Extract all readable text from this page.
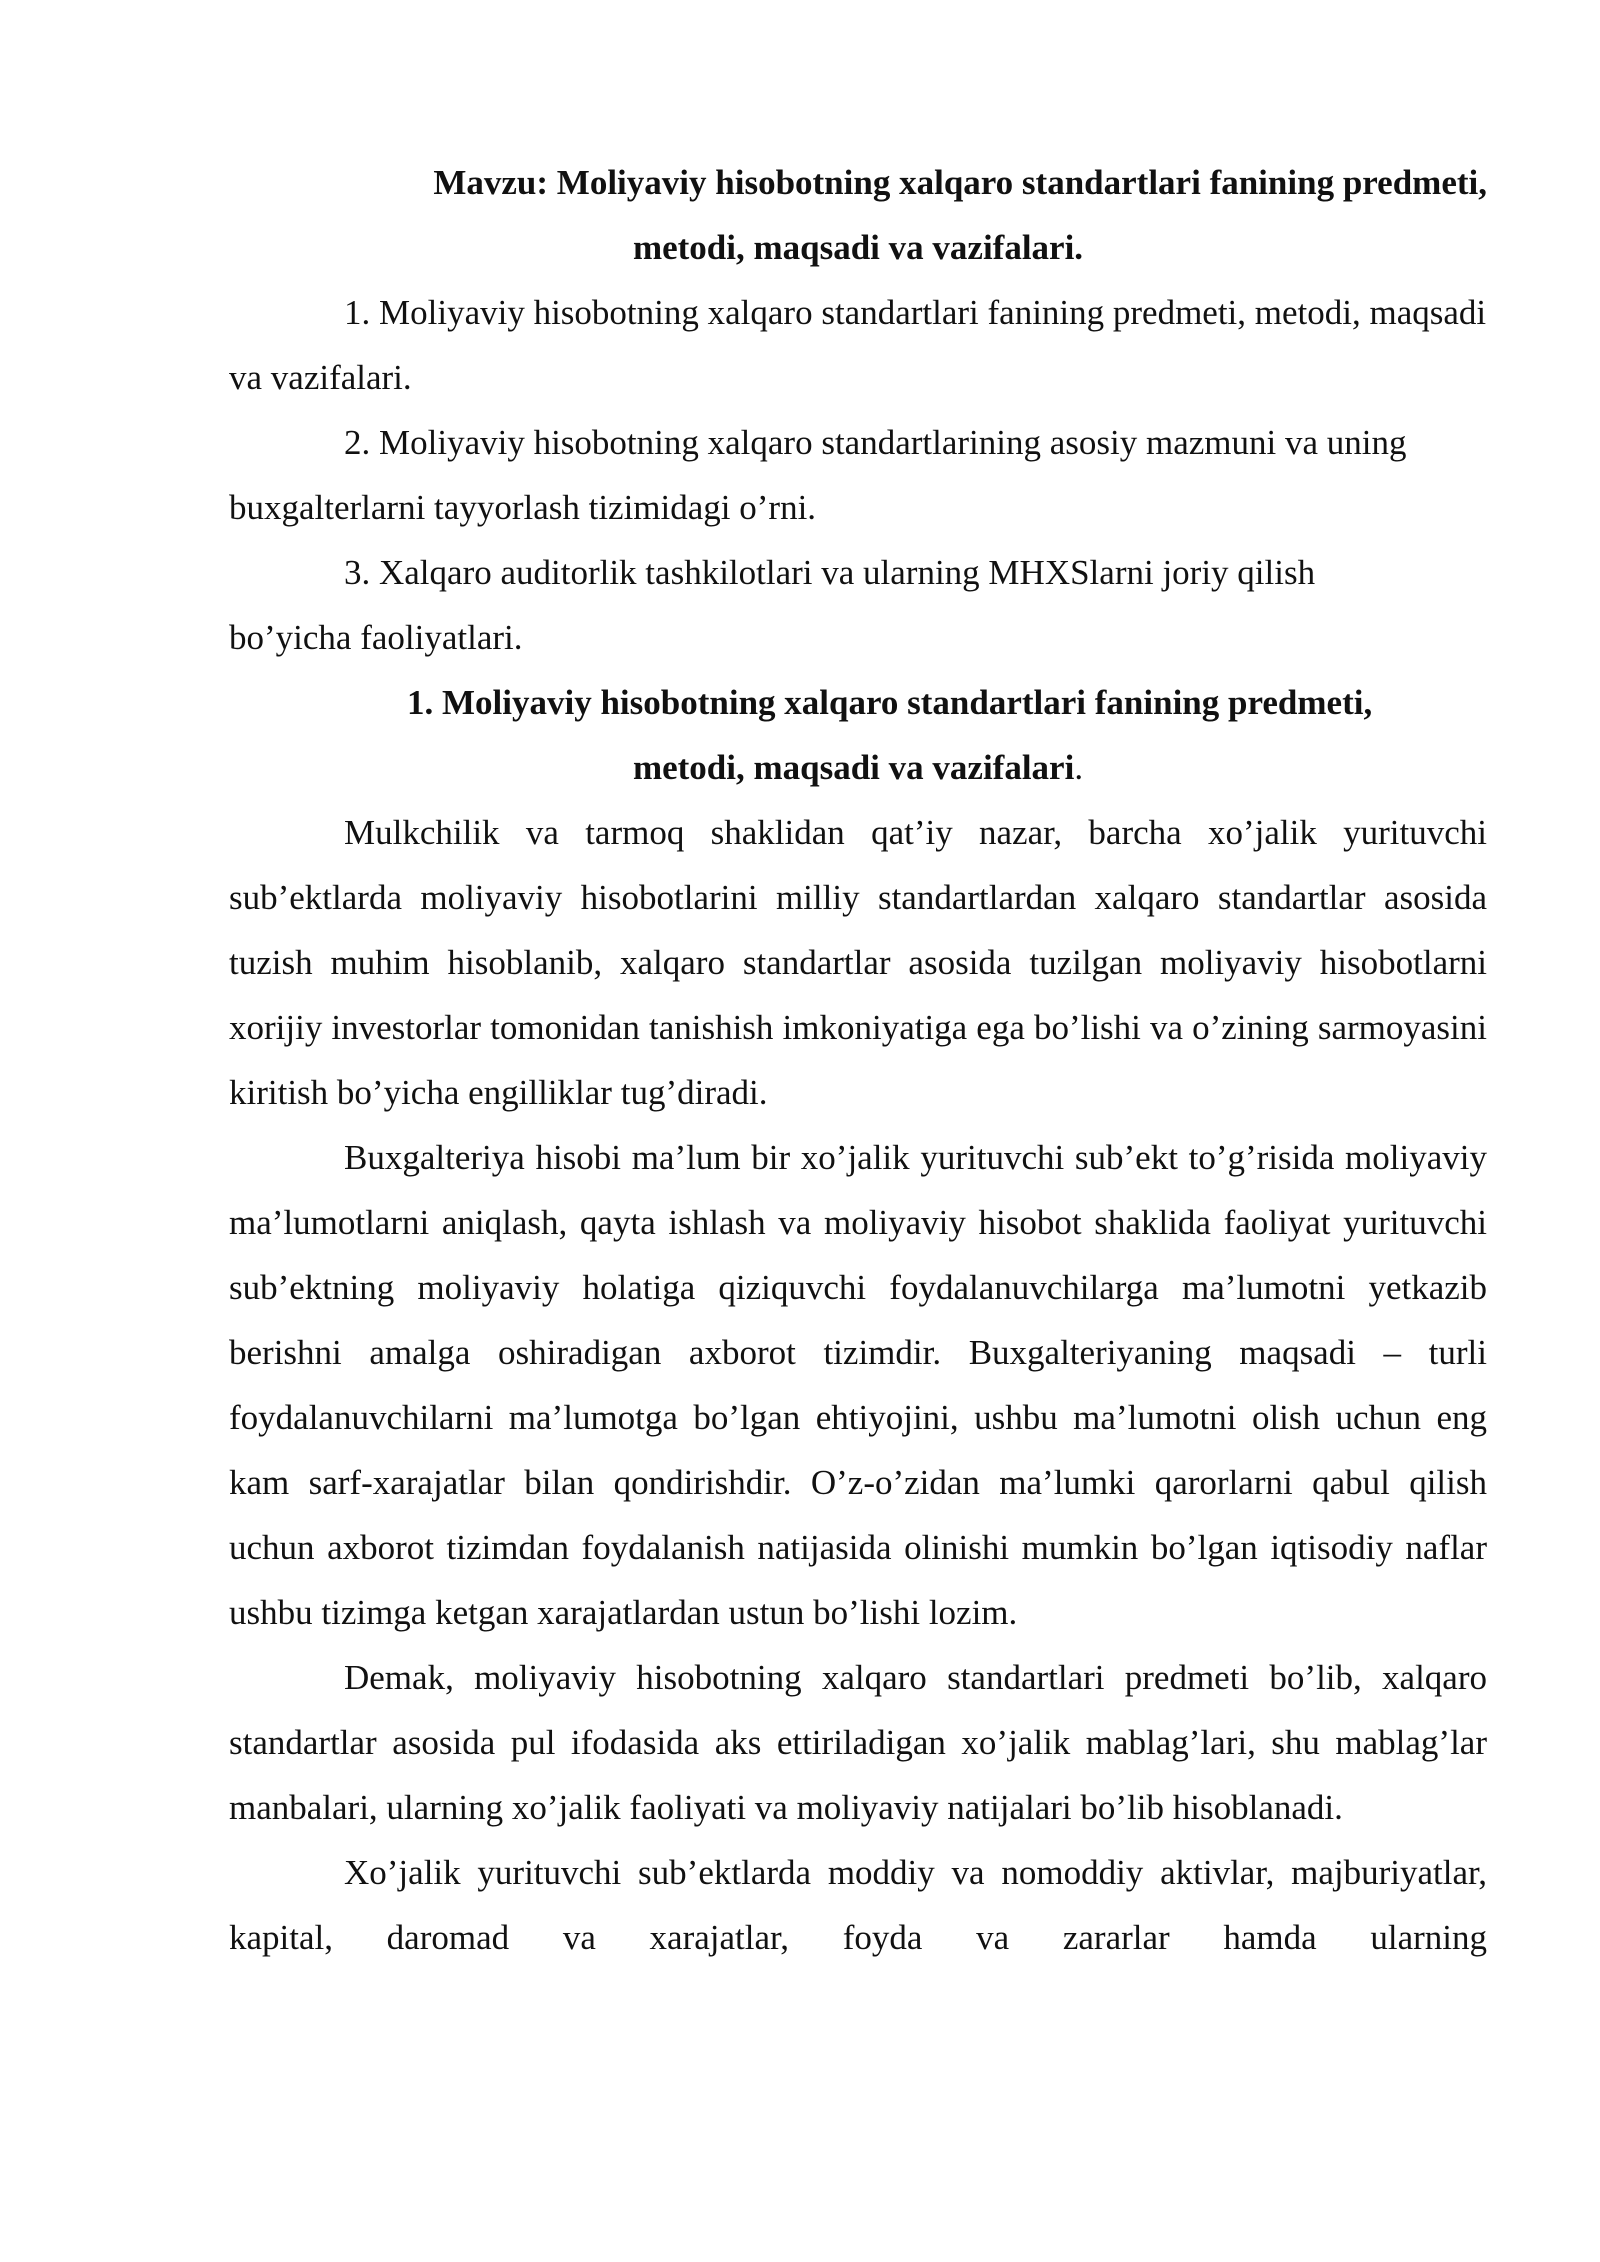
Mavzu: Moliyaviy hisobotning xalqaro standartlari fanining predmeti,

metodi, maqsadi va vazifalari.

1. Moliyaviy hisobotning xalqaro standartlari fanining predmeti, metodi, maqsadi va vazifalari.

2. Moliyaviy hisobotning xalqaro standartlarining asosiy mazmuni va uning buxgalterlarni tayyorlash tizimidagi o’rni.

3. Xalqaro auditorlik tashkilotlari va ularning MHXSlarni joriy qilish bo’yicha faoliyatlari.

1. Moliyaviy hisobotning xalqaro standartlari fanining predmeti,

metodi, maqsadi va vazifalari.

Mulkchilik va tarmoq shaklidan qat’iy nazar, barcha xo’jalik yurituvchi sub’ektlarda moliyaviy hisobotlarini milliy standartlardan xalqaro standartlar asosida tuzish muhim hisoblanib, xalqaro standartlar asosida tuzilgan moliyaviy hisobotlarni xorijiy investorlar tomonidan tanishish imkoniyatiga ega bo’lishi va o’zining sarmoyasini kiritish bo’yicha engilliklar tug’diradi.

Buxgalteriya hisobi ma’lum bir xo’jalik yurituvchi sub’ekt to’g’risida moliyaviy ma’lumotlarni aniqlash, qayta ishlash va moliyaviy hisobot shaklida faoliyat yurituvchi sub’ektning moliyaviy holatiga qiziquvchi foydalanuvchilarga ma’lumotni yetkazib berishni amalga oshiradigan axborot tizimdir. Buxgalteriyaning maqsadi – turli foydalanuvchilarni ma’lumotga bo’lgan ehtiyojini, ushbu ma’lumotni olish uchun eng kam sarf-xarajatlar bilan qondirishdir. O’z-o’zidan ma’lumki qarorlarni qabul qilish uchun axborot tizimdan foydalanish natijasida olinishi mumkin bo’lgan iqtisodiy naflar ushbu tizimga ketgan xarajatlardan ustun bo’lishi lozim.

Demak, moliyaviy hisobotning xalqaro standartlari predmeti bo’lib, xalqaro standartlar asosida pul ifodasida aks ettiriladigan xo’jalik mablag’lari, shu mablag’lar manbalari, ularning xo’jalik faoliyati va moliyaviy natijalari bo’lib hisoblanadi.

Xo’jalik yurituvchi sub’ektlarda moddiy va nomoddiy aktivlar, majburiyatlar, kapital, daromad va xarajatlar, foyda va zararlar hamda ularning
